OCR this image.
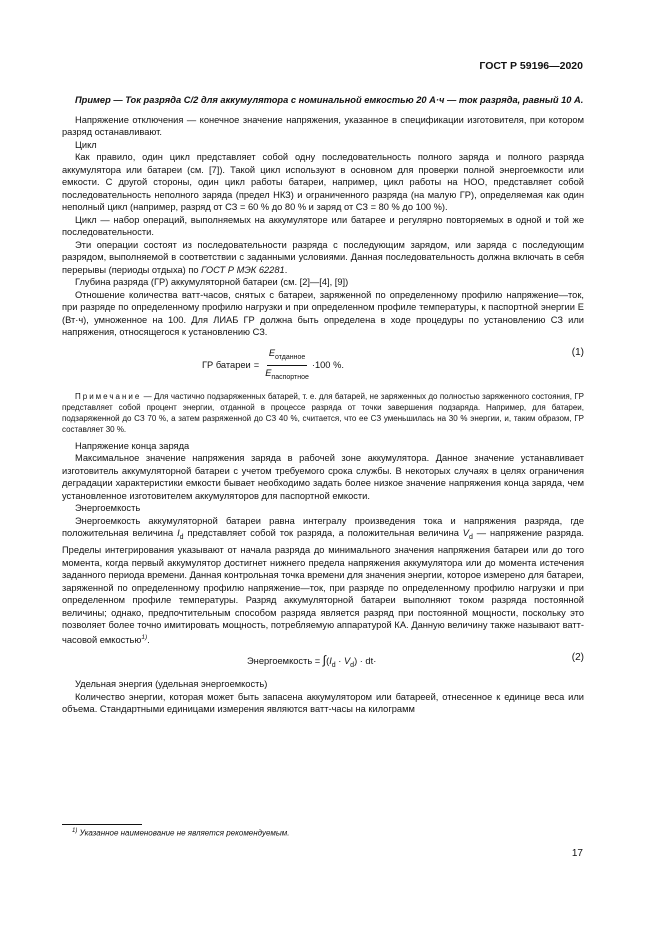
ГОСТ Р 59196—2020

Пример — Ток разряда C/2 для аккумулятора с номинальной емкостью 20 А·ч — ток разряда, равный 10 А.

Напряжение отключения — конечное значение напряжения, указанное в спецификации изготовителя, при котором разряд останавливают.

Цикл

Как правило, один цикл представляет собой одну последовательность полного заряда и полного разряда аккумулятора или батареи (см. [7]). Такой цикл используют в основном для проверки полной энергоемкости или емкости. С другой стороны, один цикл работы батареи, например, цикл работы на НОО, представляет собой последовательность неполного заряда (предел НКЗ) и ограниченного разряда (на малую ГР), определяемая как один неполный цикл (например, разряд от СЗ = 60 % до 80 % и заряд от СЗ = 80 % до 100 %).

Цикл — набор операций, выполняемых на аккумуляторе или батарее и регулярно повторяемых в одной и той же последовательности.

Эти операции состоят из последовательности разряда с последующим зарядом, или заряда с последующим разрядом, выполняемой в соответствии с заданными условиями. Данная последовательность должна включать в себя перерывы (периоды отдыха) по ГОСТ Р МЭК 62281.

Глубина разряда (ГР) аккумуляторной батареи (см. [2]—[4], [9])

Отношение количества ватт-часов, снятых с батареи, заряженной по определенному профилю напряжение—ток, при разряде по определенному профилю нагрузки и при определенном профиле температуры, к паспортной энергии E (Вт·ч), умноженное на 100. Для ЛИАБ ГР должна быть определена в ходе процедуры по установлению СЗ или напряжения, относящегося к установлению СЗ.

ГР батареи = $\frac{E_{отданное}}{E_{паспортное}} \cdot 100$ %.
(1)

Примечание — Для частично подзаряженных батарей, т. е. для батарей, не заряженных до полностью заряженного состояния, ГР представляет собой процент энергии, отданной в процессе разряда от точки завершения подзаряда. Например, для батареи, подзаряженной до СЗ 70 %, а затем разряженной до СЗ 40 %, считается, что ее СЗ уменьшилась на 30 % энергии, и, таким образом, ГР составляет 30 %.

Напряжение конца заряда

Максимальное значение напряжения заряда в рабочей зоне аккумулятора. Данное значение устанавливает изготовитель аккумуляторной батареи с учетом требуемого срока службы. В некоторых случаях в целях ограничения деградации характеристики емкости бывает необходимо задать более низкое значение напряжения конца заряда, чем установленное изготовителем аккумуляторов для паспортной емкости.

Энергоемкость

Энергоемкость аккумуляторной батареи равна интегралу произведения тока и напряжения разряда, где положительная величина $I_d$ представляет собой ток разряда, а положительная величина $V_d$ — напряжение разряда. Пределы интегрирования указывают от начала разряда до минимального значения напряжения батареи или до того момента, когда первый аккумулятор достигнет нижнего предела напряжения аккумулятора или до момента истечения заданного периода времени. Данная контрольная точка времени для значения энергии, которое измерено для батареи, заряженной по определенному профилю напряжение—ток, при разряде по определенному профилю нагрузки и при определенном профиле температуры. Разряд аккумуляторной батареи выполняют током разряда постоянной величины; однако, предпочтительным способом разряда является разряд при постоянной мощности, поскольку это позволяет более точно имитировать мощность, потребляемую аппаратурой КА. Данную величину также называют ватт-часовой емкостью$^{1)}$.

Энергоемкость = $\int(I_d \cdot V_d) \cdot dt\cdot$	(2)

Удельная энергия (удельная энергоемкость)

Количество энергии, которая может быть запасена аккумулятором или батареей, отнесенное к единице веса или объема. Стандартными единицами измерения являются ватт-часы на килограмм

$^{1)}$ Указанное наименование не является рекомендуемым.
17
